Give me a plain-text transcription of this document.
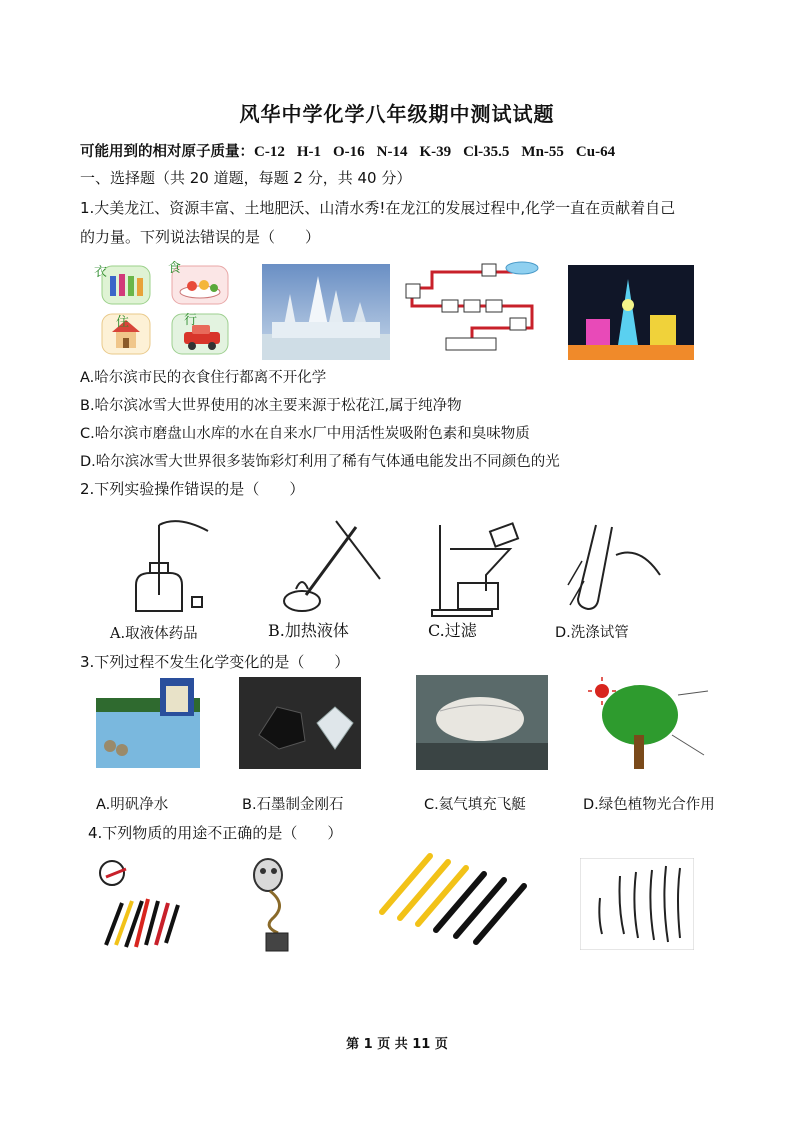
风华中学化学八年级期中测试试题
可能用到的相对原子质量：C-12 H-1 O-16 N-14 K-39 Cl-35.5 Mn-55 Cu-64
一、选择题（共 20 道题，每题 2 分，共 40 分）
1.大美龙江、资源丰富、土地肥沃、山清水秀!在龙江的发展过程中,化学一直在贡献着自己
的力量。下列说法错误的是（　　）
衣	食
住	行
A.哈尔滨市民的衣食住行都离不开化学
B.哈尔滨冰雪大世界使用的冰主要来源于松花江,属于纯净物
C.哈尔滨市磨盘山水库的水在自来水厂中用活性炭吸附色素和臭味物质
D.哈尔滨冰雪大世界很多装饰彩灯利用了稀有气体通电能发出不同颜色的光
2.下列实验操作错误的是（　　）
A.取液体药品	B.加热液体	C.过滤	D.洗涤试管
3.下列过程不发生化学变化的是（　　）
A.明矾净水	B.石墨制金刚石	C.氦气填充飞艇	D.绿色植物光合作用
4.下列物质的用途不正确的是（　　）
第 1 页 共 11 页
